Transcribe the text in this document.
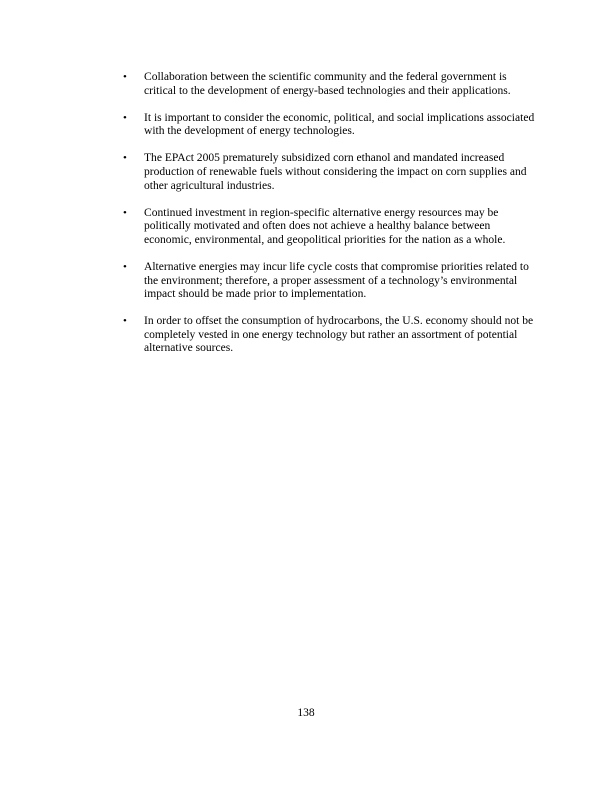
• Collaboration between the scientific community and the federal government is critical to the development of energy-based technologies and their applications.
• It is important to consider the economic, political, and social implications associated with the development of energy technologies.
• The EPAct 2005 prematurely subsidized corn ethanol and mandated increased production of renewable fuels without considering the impact on corn supplies and other agricultural industries.
• Continued investment in region-specific alternative energy resources may be politically motivated and often does not achieve a healthy balance between economic, environmental, and geopolitical priorities for the nation as a whole.
• Alternative energies may incur life cycle costs that compromise priorities related to the environment; therefore, a proper assessment of a technology’s environmental impact should be made prior to implementation.
• In order to offset the consumption of hydrocarbons, the U.S. economy should not be completely vested in one energy technology but rather an assortment of potential alternative sources.
138
